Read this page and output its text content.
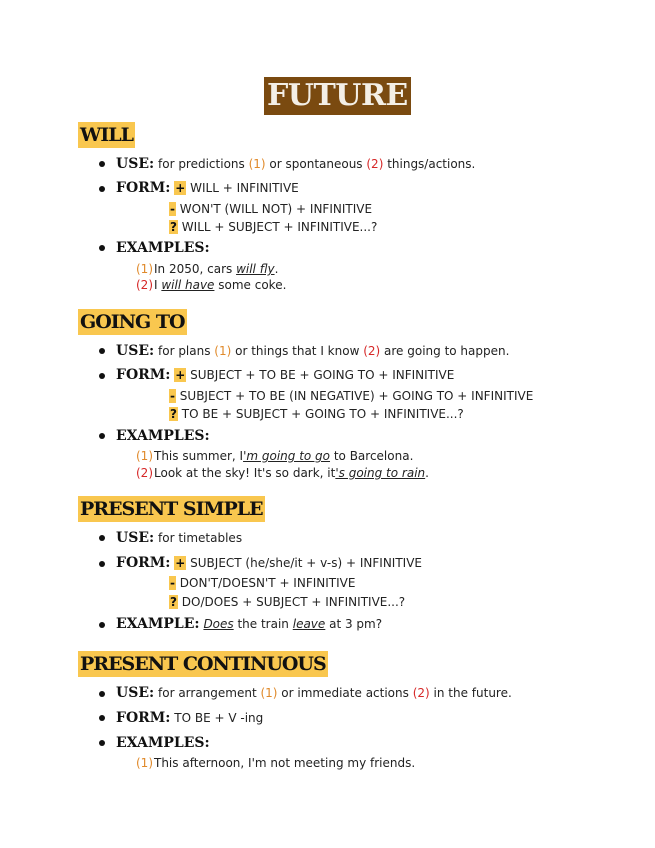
FUTURE
WILL
USE: for predictions (1) or spontaneous (2) things/actions.
FORM: + WILL + INFINITIVE
- WON'T (WILL NOT) + INFINITIVE
? WILL + SUBJECT + INFINITIVE...?
EXAMPLES:
(1)In 2050, cars will fly.
(2)I will have some coke.
GOING TO
USE: for plans (1) or things that I know (2) are going to happen.
FORM: + SUBJECT + TO BE + GOING TO + INFINITIVE
- SUBJECT + TO BE (IN NEGATIVE) + GOING TO + INFINITIVE
? TO BE + SUBJECT + GOING TO + INFINITIVE...?
EXAMPLES:
(1)This summer, I'm going to go to Barcelona.
(2)Look at the sky! It's so dark, it's going to rain.
PRESENT SIMPLE
USE: for timetables
FORM: + SUBJECT (he/she/it + v-s) + INFINITIVE
- DON'T/DOESN'T + INFINITIVE
? DO/DOES + SUBJECT + INFINITIVE...?
EXAMPLE: Does the train leave at 3 pm?
PRESENT CONTINUOUS
USE: for arrangement (1) or immediate actions (2) in the future.
FORM: TO BE + V -ing
EXAMPLES:
(1)This afternoon, I'm not meeting my friends.
